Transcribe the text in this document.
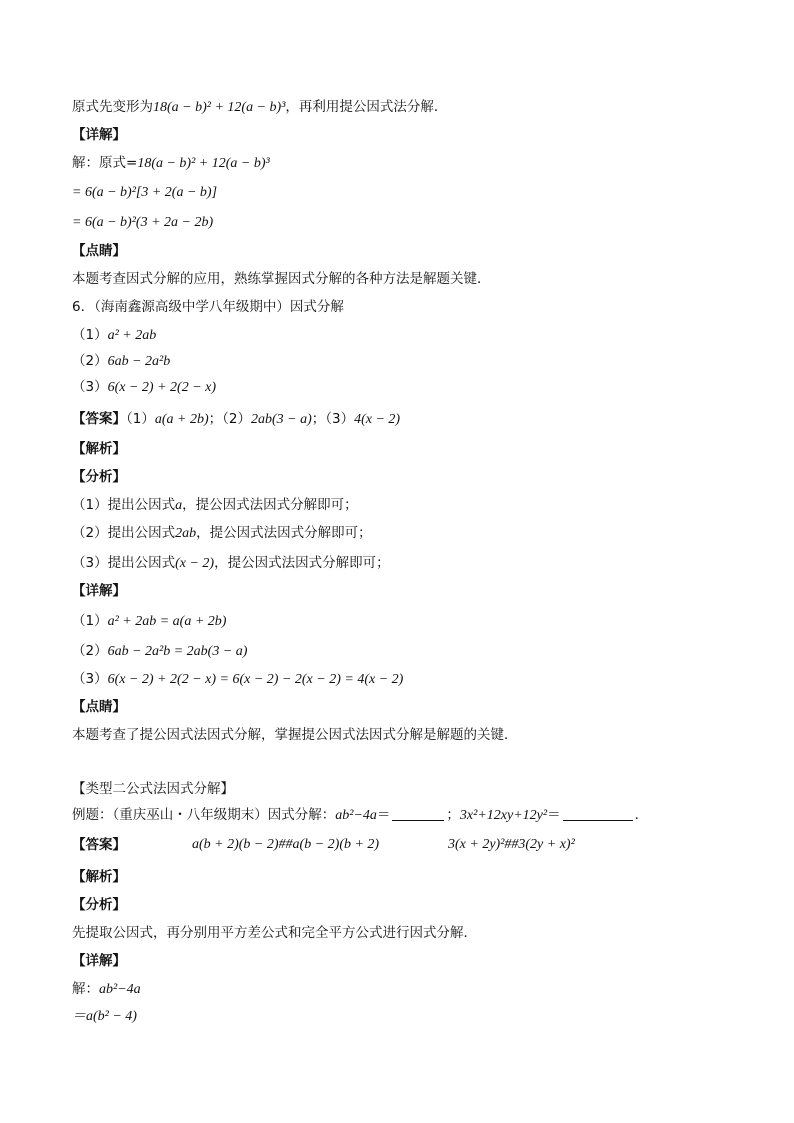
原式先变形为18(a − b)² + 12(a − b)³，再利用提公因式法分解．
【详解】
解：原式=18(a − b)² + 12(a − b)³
= 6(a − b)²[3 + 2(a − b)]
= 6(a − b)²(3 + 2a − 2b)
【点睛】
本题考查因式分解的应用，熟练掌握因式分解的各种方法是解题关键．
6．（海南鑫源高级中学八年级期中）因式分解
（1）a² + 2ab
（2）6ab − 2a²b
（3）6(x − 2) + 2(2 − x)
【答案】（1）a(a + 2b)；（2）2ab(3 − a)；（3）4(x − 2)
【解析】
【分析】
（1）提出公因式a，提公因式法因式分解即可；
（2）提出公因式2ab，提公因式法因式分解即可；
（3）提出公因式(x − 2)，提公因式法因式分解即可；
【详解】
（1）a² + 2ab = a(a + 2b)
（2）6ab − 2a²b = 2ab(3 − a)
（3）6(x − 2) + 2(2 − x) = 6(x − 2) − 2(x − 2) = 4(x − 2)
【点睛】
本题考查了提公因式法因式分解，掌握提公因式法因式分解是解题的关键．
【类型二公式法因式分解】
例题：（重庆巫山・八年级期末）因式分解：ab²−4a＝	；3x²+12xy+12y²＝	．
【答案】	a(b + 2)(b − 2)##a(b − 2)(b + 2)	3(x + 2y)²##3(2y + x)²
【解析】
【分析】
先提取公因式，再分别用平方差公式和完全平方公式进行因式分解．
【详解】
解：ab²−4a
＝a(b² − 4)
